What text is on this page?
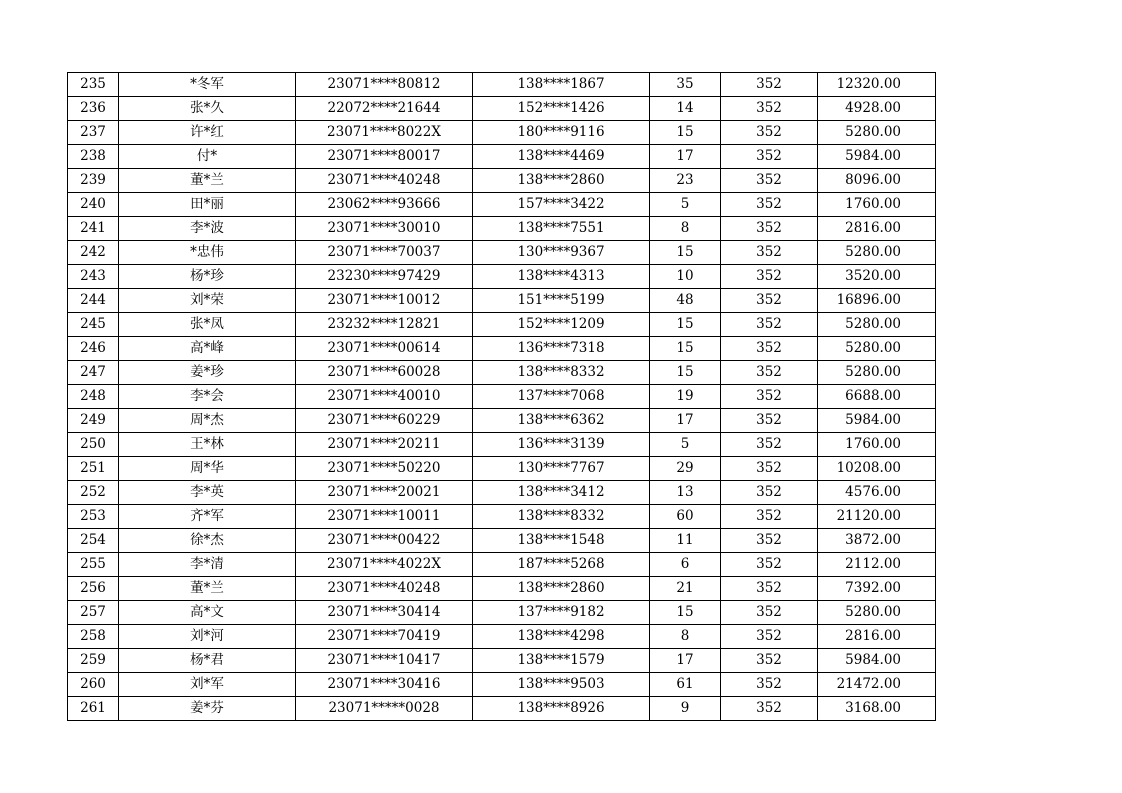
235	*冬军	23071****80812	138****1867	35	352	12320.00
236	张*久	22072****21644	152****1426	14	352	4928.00
237	许*红	23071****8022X	180****9116	15	352	5280.00
238	付*	23071****80017	138****4469	17	352	5984.00
239	董*兰	23071****40248	138****2860	23	352	8096.00
240	田*丽	23062****93666	157****3422	5	352	1760.00
241	李*波	23071****30010	138****7551	8	352	2816.00
242	*忠伟	23071****70037	130****9367	15	352	5280.00
243	杨*珍	23230****97429	138****4313	10	352	3520.00
244	刘*荣	23071****10012	151****5199	48	352	16896.00
245	张*凤	23232****12821	152****1209	15	352	5280.00
246	高*峰	23071****00614	136****7318	15	352	5280.00
247	姜*珍	23071****60028	138****8332	15	352	5280.00
248	李*会	23071****40010	137****7068	19	352	6688.00
249	周*杰	23071****60229	138****6362	17	352	5984.00
250	王*林	23071****20211	136****3139	5	352	1760.00
251	周*华	23071****50220	130****7767	29	352	10208.00
252	李*英	23071****20021	138****3412	13	352	4576.00
253	齐*军	23071****10011	138****8332	60	352	21120.00
254	徐*杰	23071****00422	138****1548	11	352	3872.00
255	李*清	23071****4022X	187****5268	6	352	2112.00
256	董*兰	23071****40248	138****2860	21	352	7392.00
257	高*文	23071****30414	137****9182	15	352	5280.00
258	刘*河	23071****70419	138****4298	8	352	2816.00
259	杨*君	23071****10417	138****1579	17	352	5984.00
260	刘*军	23071****30416	138****9503	61	352	21472.00
261	姜*芬	23071*****0028	138****8926	9	352	3168.00
